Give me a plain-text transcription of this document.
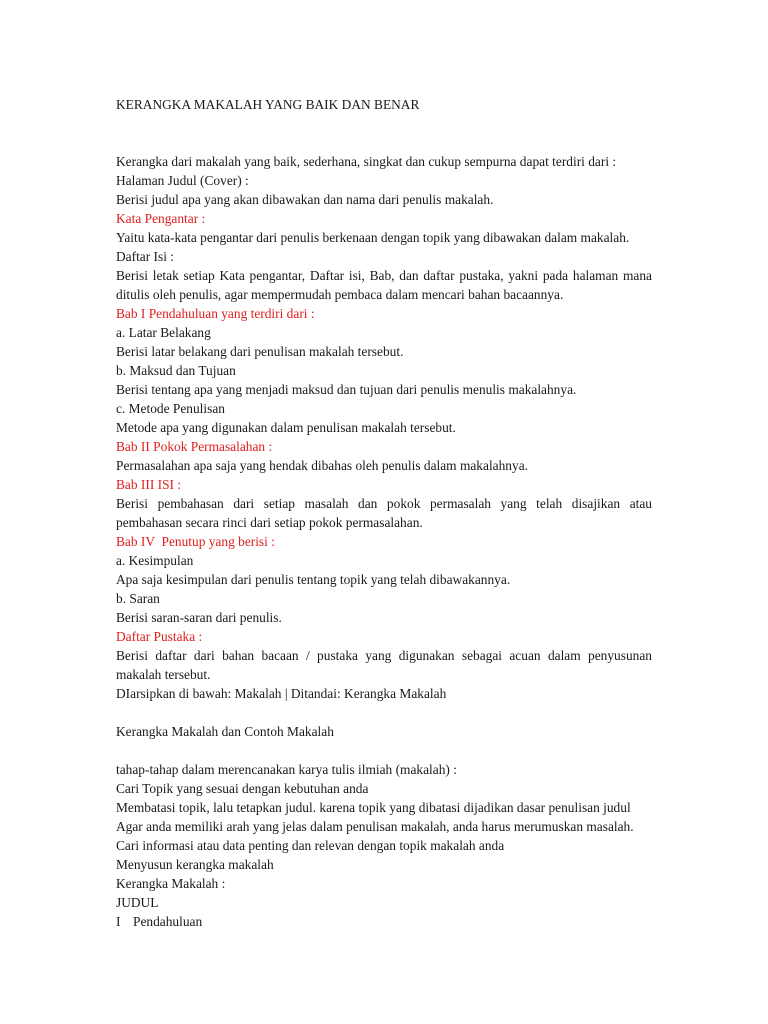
KERANGKA MAKALAH YANG BAIK DAN BENAR
Kerangka dari makalah yang baik, sederhana, singkat dan cukup sempurna dapat terdiri dari :
Halaman Judul (Cover) :
Berisi judul apa yang akan dibawakan dan nama dari penulis makalah.
Kata Pengantar :
Yaitu kata-kata pengantar dari penulis berkenaan dengan topik yang dibawakan dalam makalah.
Daftar Isi :
Berisi letak setiap Kata pengantar, Daftar isi, Bab, dan daftar pustaka, yakni pada halaman mana ditulis oleh penulis, agar mempermudah pembaca dalam mencari bahan bacaannya.
Bab I Pendahuluan yang terdiri dari :
a. Latar Belakang
Berisi latar belakang dari penulisan makalah tersebut.
b. Maksud dan Tujuan
Berisi tentang apa yang menjadi maksud dan tujuan dari penulis menulis makalahnya.
c. Metode Penulisan
Metode apa yang digunakan dalam penulisan makalah tersebut.
Bab II Pokok Permasalahan :
Permasalahan apa saja yang hendak dibahas oleh penulis dalam makalahnya.
Bab III ISI :
Berisi pembahasan dari setiap masalah dan pokok permasalah yang telah disajikan atau pembahasan secara rinci dari setiap pokok permasalahan.
Bab IV  Penutup yang berisi :
a. Kesimpulan
Apa saja kesimpulan dari penulis tentang topik yang telah dibawakannya.
b. Saran
Berisi saran-saran dari penulis.
Daftar Pustaka :
Berisi daftar dari bahan bacaan / pustaka yang digunakan sebagai acuan dalam penyusunan makalah tersebut.
DIarsipkan di bawah: Makalah | Ditandai: Kerangka Makalah
Kerangka Makalah dan Contoh Makalah
tahap-tahap dalam merencanakan karya tulis ilmiah (makalah) :
Cari Topik yang sesuai dengan kebutuhan anda
Membatasi topik, lalu tetapkan judul. karena topik yang dibatasi dijadikan dasar penulisan judul
Agar anda memiliki arah yang jelas dalam penulisan makalah, anda harus merumuskan masalah.
Cari informasi atau data penting dan relevan dengan topik makalah anda
Menyusun kerangka makalah
Kerangka Makalah :
JUDUL
I Pendahuluan
